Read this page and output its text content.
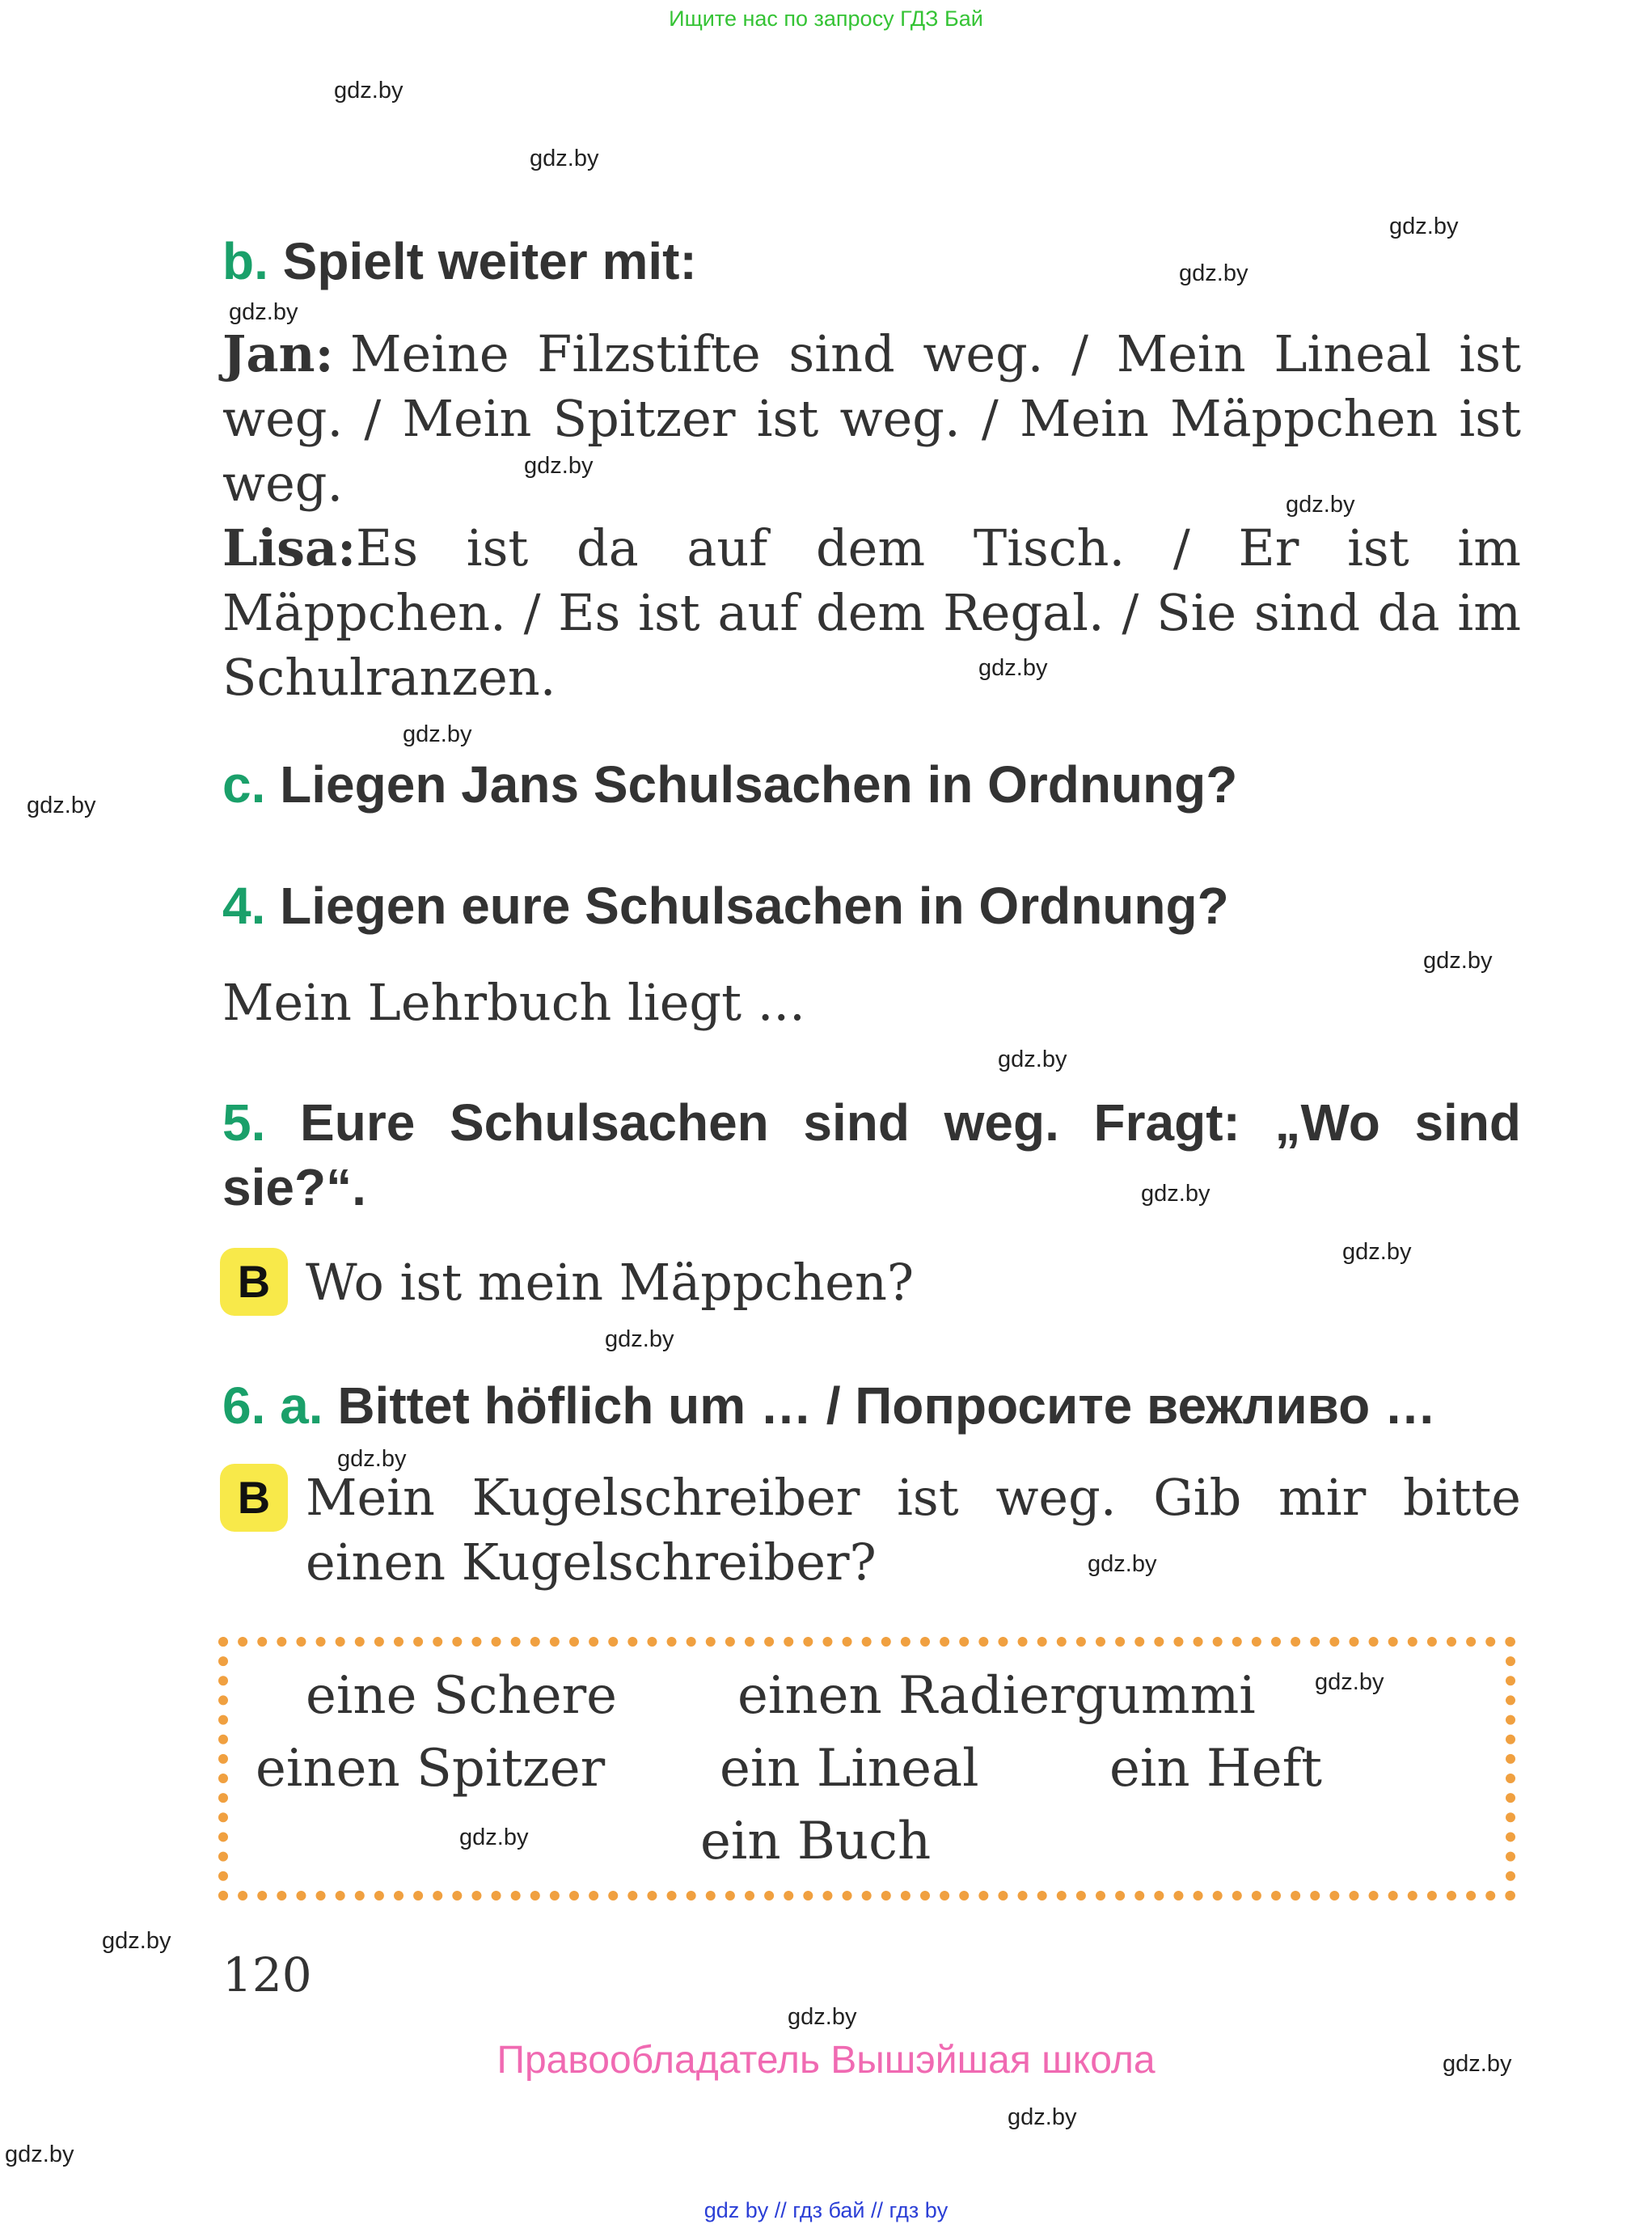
Ищите нас по запросу ГДЗ Бай
gdz.by
gdz.by
gdz.by
gdz.by
gdz.by
gdz.by
gdz.by
gdz.by
gdz.by
gdz.by
gdz.by
gdz.by
gdz.by
gdz.by
gdz.by
gdz.by
gdz.by
gdz.by
gdz.by
gdz.by
gdz.by
gdz.by
gdz.by
gdz.by
b. Spielt weiter mit:
Jan: Meine Filzstifte sind weg. / Mein Lineal ist weg. / Mein Spitzer ist weg. / Mein Mäppchen ist weg.
Lisa: Es ist da auf dem Tisch. / Er ist im Mäppchen. / Es ist auf dem Regal. / Sie sind da im Schulranzen.
c. Liegen Jans Schulsachen in Ordnung?
4. Liegen eure Schulsachen in Ordnung?
Mein Lehrbuch liegt ...
5. Eure Schulsachen sind weg. Fragt: „Wo sind sie?“.
B Wo ist mein Mäppchen?
6. a. Bittet höflich um … / Попросите вежливо …
B Mein Kugelschreiber ist weg. Gib mir bitte einen Kugelschreiber?
eine Schere einen Radiergummi
einen Spitzer ein Lineal	ein Heft
ein Buch
120
Правообладатель Вышэйшая школа
gdz by // гдз бай // гдз by
